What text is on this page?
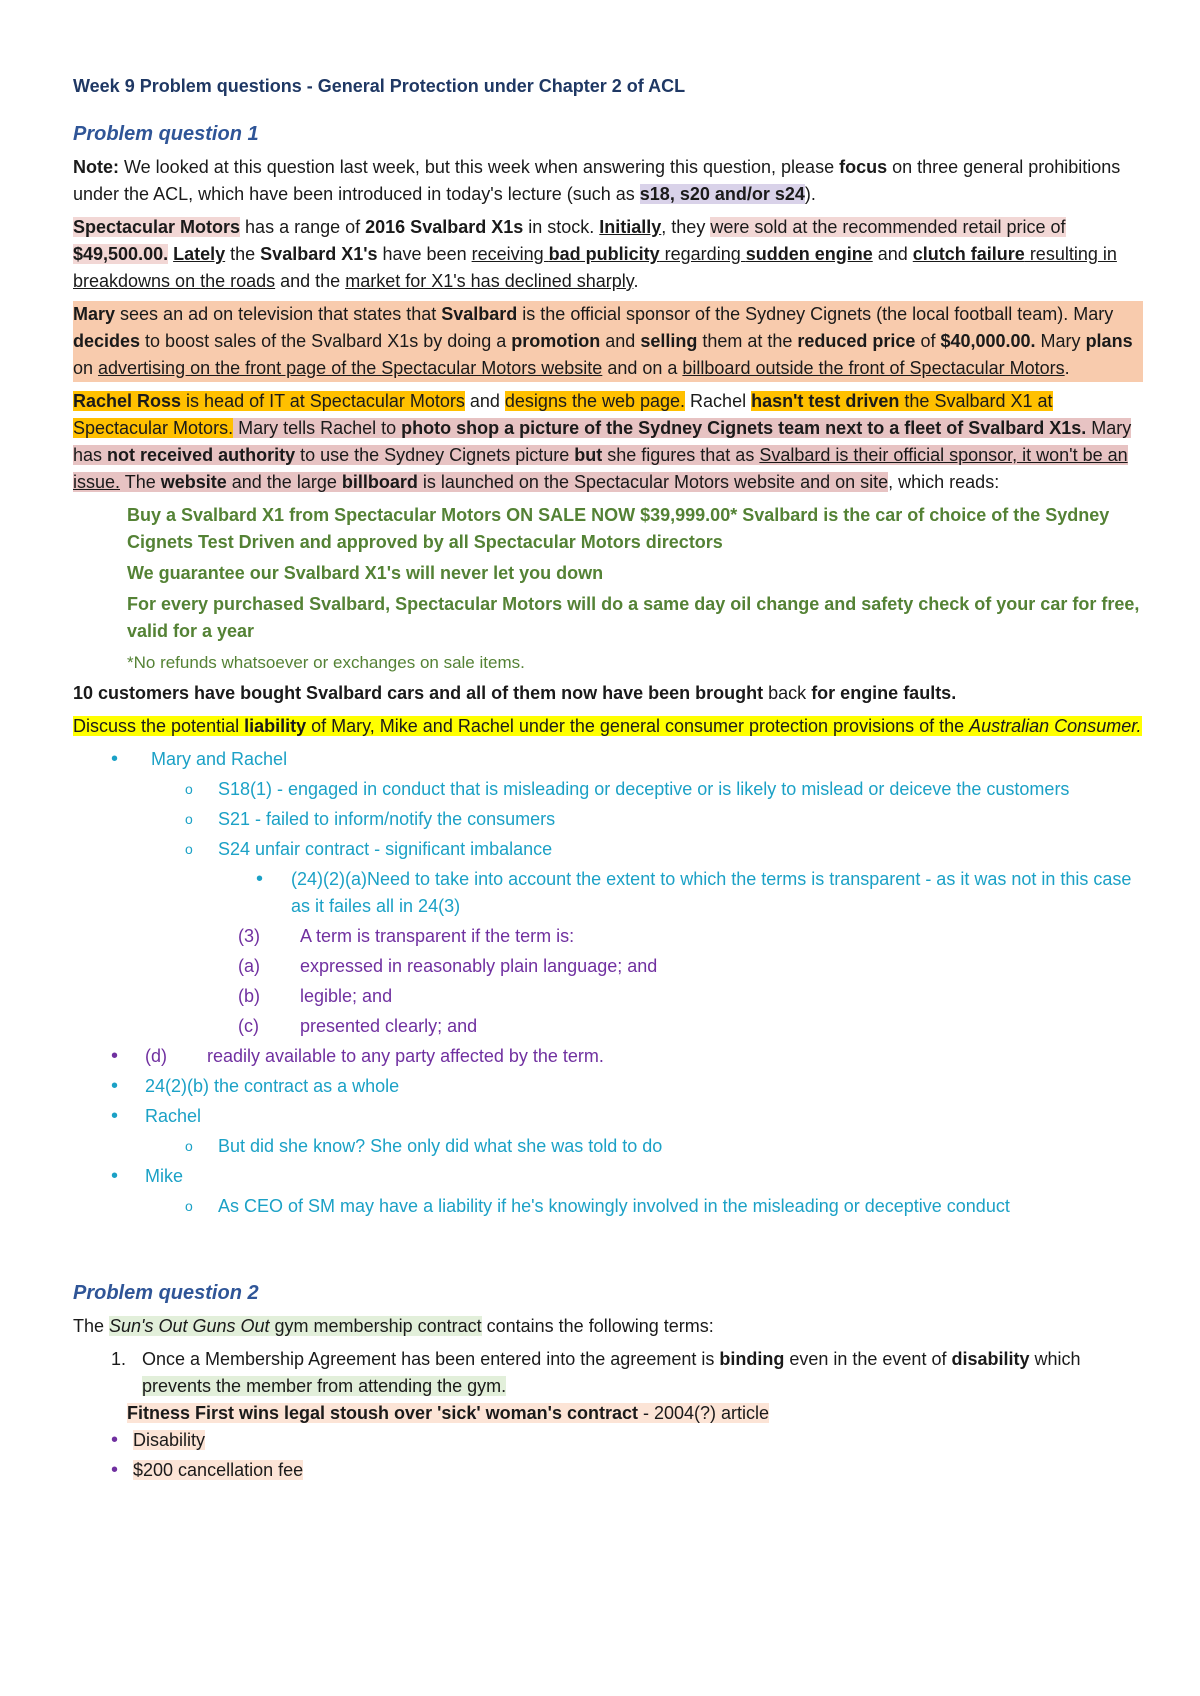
Week 9 Problem questions - General Protection under Chapter 2 of ACL
Problem question 1

Note: We looked at this question last week, but this week when answering this question, please focus on three general prohibitions under the ACL, which have been introduced in today's lecture (such as s18, s20 and/or s24).

Spectacular Motors has a range of 2016 Svalbard X1s in stock. Initially, they were sold at the recommended retail price of $49,500.00. Lately the Svalbard X1's have been receiving bad publicity regarding sudden engine and clutch failure resulting in breakdowns on the roads and the market for X1's has declined sharply.

Mary sees an ad on television that states that Svalbard is the official sponsor of the Sydney Cignets (the local football team). Mary decides to boost sales of the Svalbard X1s by doing a promotion and selling them at the reduced price of $40,000.00. Mary plans on advertising on the front page of the Spectacular Motors website and on a billboard outside the front of Spectacular Motors.

Rachel Ross is head of IT at Spectacular Motors and designs the web page. Rachel hasn't test driven the Svalbard X1 at Spectacular Motors. Mary tells Rachel to photo shop a picture of the Sydney Cignets team next to a fleet of Svalbard X1s. Mary has not received authority to use the Sydney Cignets picture but she figures that as Svalbard is their official sponsor, it won't be an issue. The website and the large billboard is launched on the Spectacular Motors website and on site, which reads:

Buy a Svalbard X1 from Spectacular Motors ON SALE NOW $39,999.00* Svalbard is the car of choice of the Sydney Cignets Test Driven and approved by all Spectacular Motors directors
We guarantee our Svalbard X1's will never let you down
For every purchased Svalbard, Spectacular Motors will do a same day oil change and safety check of your car for free, valid for a year
*No refunds whatsoever or exchanges on sale items.

10 customers have bought Svalbard cars and all of them now have been brought back for engine faults.

Discuss the potential liability of Mary, Mike and Rachel under the general consumer protection provisions of the Australian Consumer.

• Mary and Rachel
o S18(1) - engaged in conduct that is misleading or deceptive or is likely to mislead or deiceve the customers
o S21 - failed to inform/notify the consumers
o S24 unfair contract - significant imbalance
• (24)(2)(a)Need to take into account the extent to which the terms is transparent - as it was not in this case as it failes all in 24(3)
(3) A term is transparent if the term is:
(a) expressed in reasonably plain language; and
(b) legible; and
(c) presented clearly; and
• (d) readily available to any party affected by the term.
• 24(2)(b) the contract as a whole
• Rachel
o But did she know? She only did what she was told to do
• Mike
o As CEO of SM may have a liability if he's knowingly involved in the misleading or deceptive conduct
Problem question 2

The Sun's Out Guns Out gym membership contract contains the following terms:

1. Once a Membership Agreement has been entered into the agreement is binding even in the event of disability which prevents the member from attending the gym.

Fitness First wins legal stoush over 'sick' woman's contract - 2004(?) article

• Disability
• $200 cancellation fee
